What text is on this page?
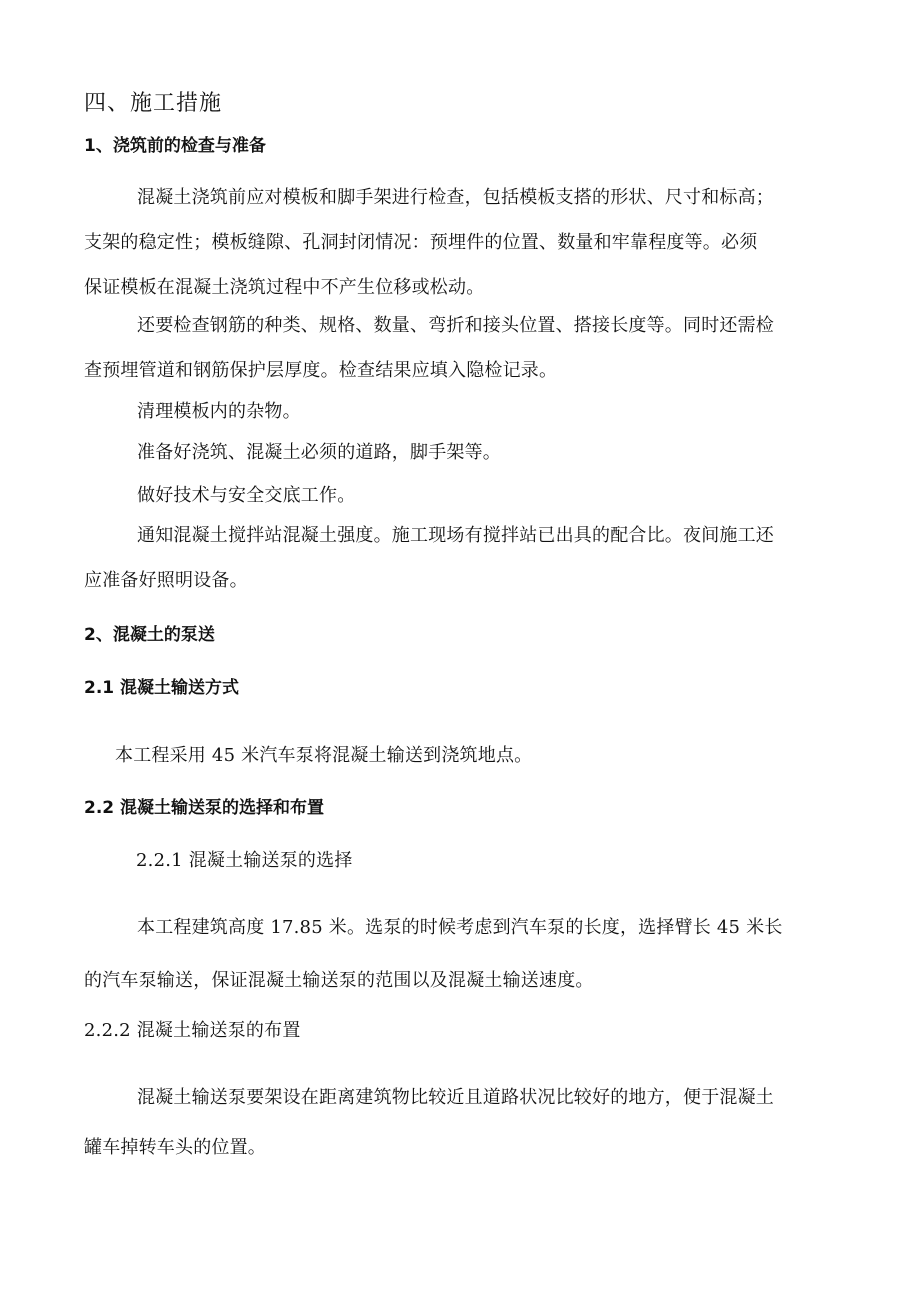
四、施工措施
1、浇筑前的检查与准备
混凝土浇筑前应对模板和脚手架进行检查，包括模板支搭的形状、尺寸和标高；
支架的稳定性；模板缝隙、孔洞封闭情况：预埋件的位置、数量和牢靠程度等。必须
保证模板在混凝土浇筑过程中不产生位移或松动。
还要检查钢筋的种类、规格、数量、弯折和接头位置、搭接长度等。同时还需检
查预埋管道和钢筋保护层厚度。检查结果应填入隐检记录。

清理模板内的杂物。

准备好浇筑、混凝土必须的道路，脚手架等。

做好技术与安全交底工作。

通知混凝土搅拌站混凝土强度。施工现场有搅拌站已出具的配合比。夜间施工还
应准备好照明设备。
2、混凝土的泵送
2.1 混凝土输送方式

本工程采用 45 米汽车泵将混凝土输送到浇筑地点。

2.2 混凝土输送泵的选择和布置

2.2.1 混凝土输送泵的选择

本工程建筑高度 17.85 米。选泵的时候考虑到汽车泵的长度，选择臂长 45 米长
的汽车泵输送，保证混凝土输送泵的范围以及混凝土输送速度。

2.2.2 混凝土输送泵的布置

混凝土输送泵要架设在距离建筑物比较近且道路状况比较好的地方，便于混凝土
罐车掉转车头的位置。
